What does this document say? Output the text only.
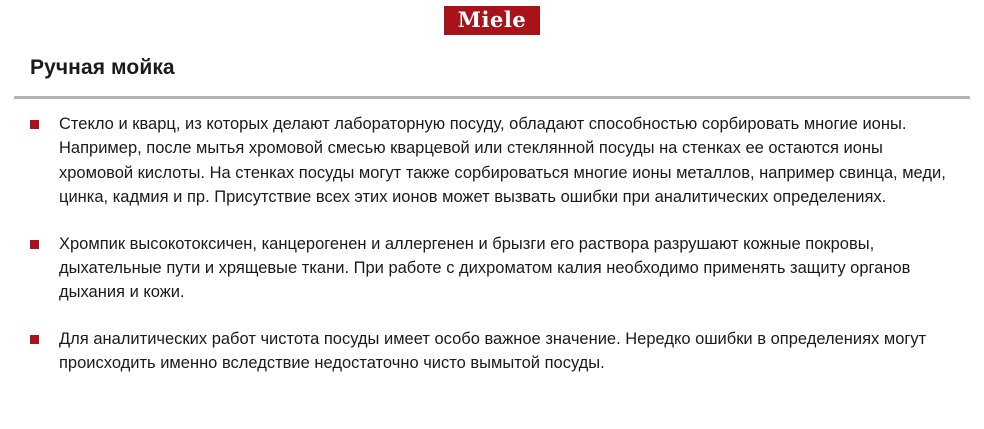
Miele
Ручная мойка
Стекло и кварц, из которых делают лабораторную посуду, обладают способностью сорбировать многие ионы. Например, после мытья хромовой смесью кварцевой или стеклянной посуды на стенках ее остаются ионы хромовой кислоты. На стенках посуды могут также сорбироваться многие ионы металлов, например свинца, меди, цинка, кадмия и пр. Присутствие всех этих ионов может вызвать ошибки при аналитических определениях.
Хромпик высокотоксичен, канцерогенен и аллергенен и брызги его раствора разрушают кожные покровы, дыхательные пути и хрящевые ткани. При работе с дихроматом калия необходимо применять защиту органов дыхания и кожи.
Для аналитических работ чистота посуды имеет особо важное значение. Нередко ошибки в определениях могут происходить именно вследствие недостаточно чисто вымытой посуды.
